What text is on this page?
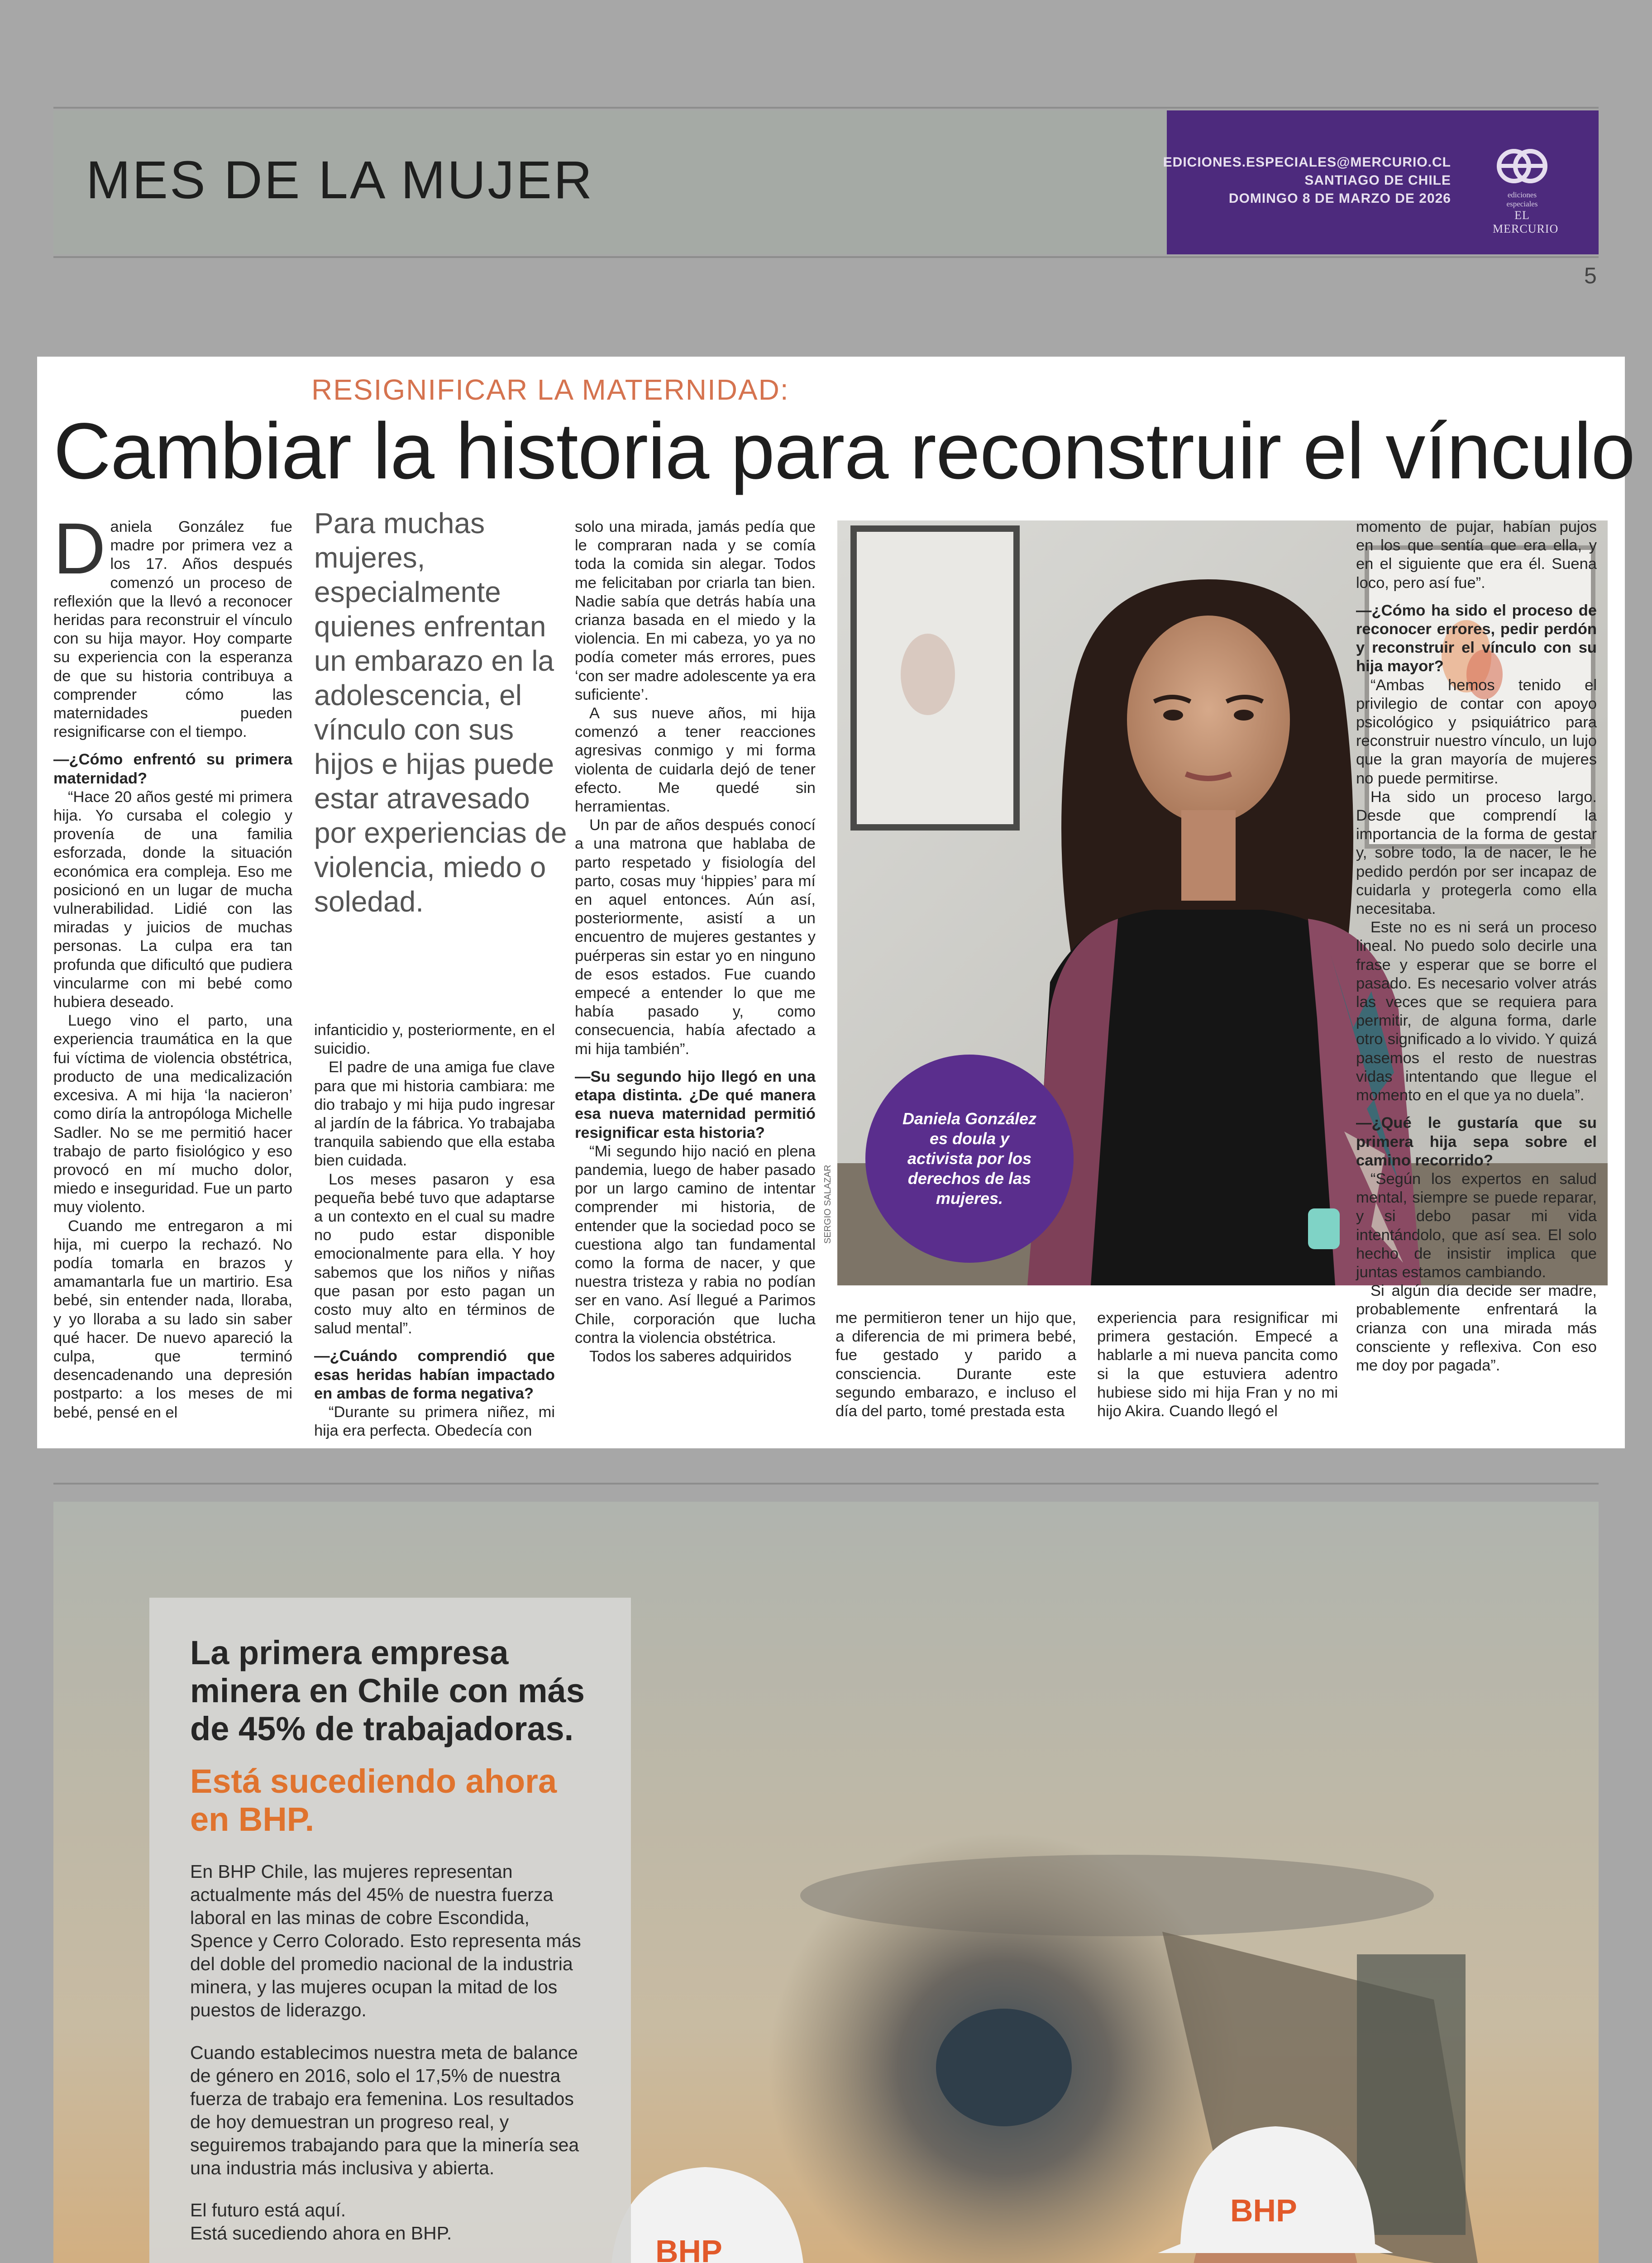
MES DE LA MUJER	EDICIONES.ESPECIALES@MERCURIO.CL
SANTIAGO DE CHILE
DOMINGO 8 DE MARZO DE 2026	ediciones especiales
EL MERCURIO
5
RESIGNIFICAR LA MATERNIDAD:
Cambiar la historia para reconstruir el vínculo
D aniela González fue madre por primera vez a los 17. Años después comenzó un proceso de reflexión que la llevó a reconocer heridas para reconstruir el vínculo con su hija mayor. Hoy comparte su experiencia con la esperanza de que su historia contribuya a comprender cómo las maternidades pueden resignificarse con el tiempo.

—¿Cómo enfrentó su primera maternidad?

“Hace 20 años gesté mi primera hija. Yo cursaba el colegio y provenía de una familia esforzada, donde la situación económica era compleja. Eso me posicionó en un lugar de mucha vulnerabilidad. Lidié con las miradas y juicios de muchas personas. La culpa era tan profunda que dificultó que pudiera vincularme con mi bebé como hubiera deseado.

Luego vino el parto, una experiencia traumática en la que fui víctima de violencia obstétrica, producto de una medicalización excesiva. A mi hija ‘la nacieron’ como diría la antropóloga Michelle Sadler. No se me permitió hacer trabajo de parto fisiológico y eso provocó en mí mucho dolor, miedo e inseguridad. Fue un parto muy violento.

Cuando me entregaron a mi hija, mi cuerpo la rechazó. No podía tomarla en brazos y amamantarla fue un martirio. Esa bebé, sin entender nada, lloraba, y yo lloraba a su lado sin saber qué hacer. De nuevo apareció la culpa, que terminó desencadenando una depresión postparto: a los meses de mi bebé, pensé en el

Para muchas mujeres, especialmente quienes enfrentan un embarazo en la adolescencia, el vínculo con sus hijos e hijas puede estar atravesado por experiencias de violencia, miedo o soledad.

infanticidio y, posteriormente, en el suicidio.

El padre de una amiga fue clave para que mi historia cambiara: me dio trabajo y mi hija pudo ingresar al jardín de la fábrica. Yo trabajaba tranquila sabiendo que ella estaba bien cuidada.

Los meses pasaron y esa pequeña bebé tuvo que adaptarse a un contexto en el cual su madre no pudo estar disponible emocionalmente para ella. Y hoy sabemos que los niños y niñas que pasan por esto pagan un costo muy alto en términos de salud mental”.

—¿Cuándo comprendió que esas heridas habían impactado en ambas de forma negativa?

“Durante su primera niñez, mi hija era perfecta. Obedecía con

solo una mirada, jamás pedía que le compraran nada y se comía toda la comida sin alegar. Todos me felicitaban por criarla tan bien. Nadie sabía que detrás había una crianza basada en el miedo y la violencia. En mi cabeza, yo ya no podía cometer más errores, pues ‘con ser madre adolescente ya era suficiente’.

A sus nueve años, mi hija comenzó a tener reacciones agresivas conmigo y mi forma violenta de cuidarla dejó de tener efecto. Me quedé sin herramientas.

Un par de años después conocí a una matrona que hablaba de parto respetado y fisiología del parto, cosas muy ‘hippies’ para mí en aquel entonces. Aún así, posteriormente, asistí a un encuentro de mujeres gestantes y puérperas sin estar yo en ninguno de esos estados. Fue cuando empecé a entender lo que me había pasado y, como consecuencia, había afectado a mi hija también”.

—Su segundo hijo llegó en una etapa distinta. ¿De qué manera esa nueva maternidad permitió resignificar esta historia?

“Mi segundo hijo nació en plena pandemia, luego de haber pasado por un largo camino de intentar comprender mi historia, de entender que la sociedad poco se cuestiona algo tan fundamental como la forma de nacer, y que nuestra tristeza y rabia no podían ser en vano. Así llegué a Parimos Chile, corporación que lucha contra la violencia obstétrica.

Todos los saberes adquiridos

SERGIO SALAZAR
Daniela González es doula y activista por los derechos de las mujeres.

me permitieron tener un hijo que, a diferencia de mi primera bebé, fue gestado y parido a consciencia. Durante este segundo embarazo, e incluso el día del parto, tomé prestada esta

experiencia para resignificar mi primera gestación. Empecé a hablarle a mi nueva pancita como si la que estuviera adentro hubiese sido mi hija Fran y no mi hijo Akira. Cuando llegó el

momento de pujar, habían pujos en los que sentía que era ella, y en el siguiente que era él. Suena loco, pero así fue”.

—¿Cómo ha sido el proceso de reconocer errores, pedir perdón y reconstruir el vínculo con su hija mayor?

“Ambas hemos tenido el privilegio de contar con apoyo psicológico y psiquiátrico para reconstruir nuestro vínculo, un lujo que la gran mayoría de mujeres no puede permitirse.

Ha sido un proceso largo. Desde que comprendí la importancia de la forma de gestar y, sobre todo, la de nacer, le he pedido perdón por ser incapaz de cuidarla y protegerla como ella necesitaba.

Este no es ni será un proceso lineal. No puedo solo decirle una frase y esperar que se borre el pasado. Es necesario volver atrás las veces que se requiera para permitir, de alguna forma, darle otro significado a lo vivido. Y quizá pasemos el resto de nuestras vidas intentando que llegue el momento en el que ya no duela”.

—¿Qué le gustaría que su primera hija sepa sobre el camino recorrido?

“Según los expertos en salud mental, siempre se puede reparar, y si debo pasar mi vida intentándolo, que así sea. El solo hecho de insistir implica que juntas estamos cambiando.

Si algún día decide ser madre, probablemente enfrentará la crianza con una mirada más consciente y reflexiva. Con eso me doy por pagada”.

BHP
BHP
La primera empresa minera en Chile con más de 45% de trabajadoras.
Está sucediendo ahora en BHP.
En BHP Chile, las mujeres representan actualmente más del 45% de nuestra fuerza laboral en las minas de cobre Escondida, Spence y Cerro Colorado. Esto representa más del doble del promedio nacional de la industria minera, y las mujeres ocupan la mitad de los puestos de liderazgo.
Cuando establecimos nuestra meta de balance de género en 2016, solo el 17,5% de nuestra fuerza de trabajo era femenina. Los resultados de hoy demuestran un progreso real, y seguiremos trabajando para que la minería sea una industria más inclusiva y abierta.
El futuro está aquí.
Está sucediendo ahora en BHP.
